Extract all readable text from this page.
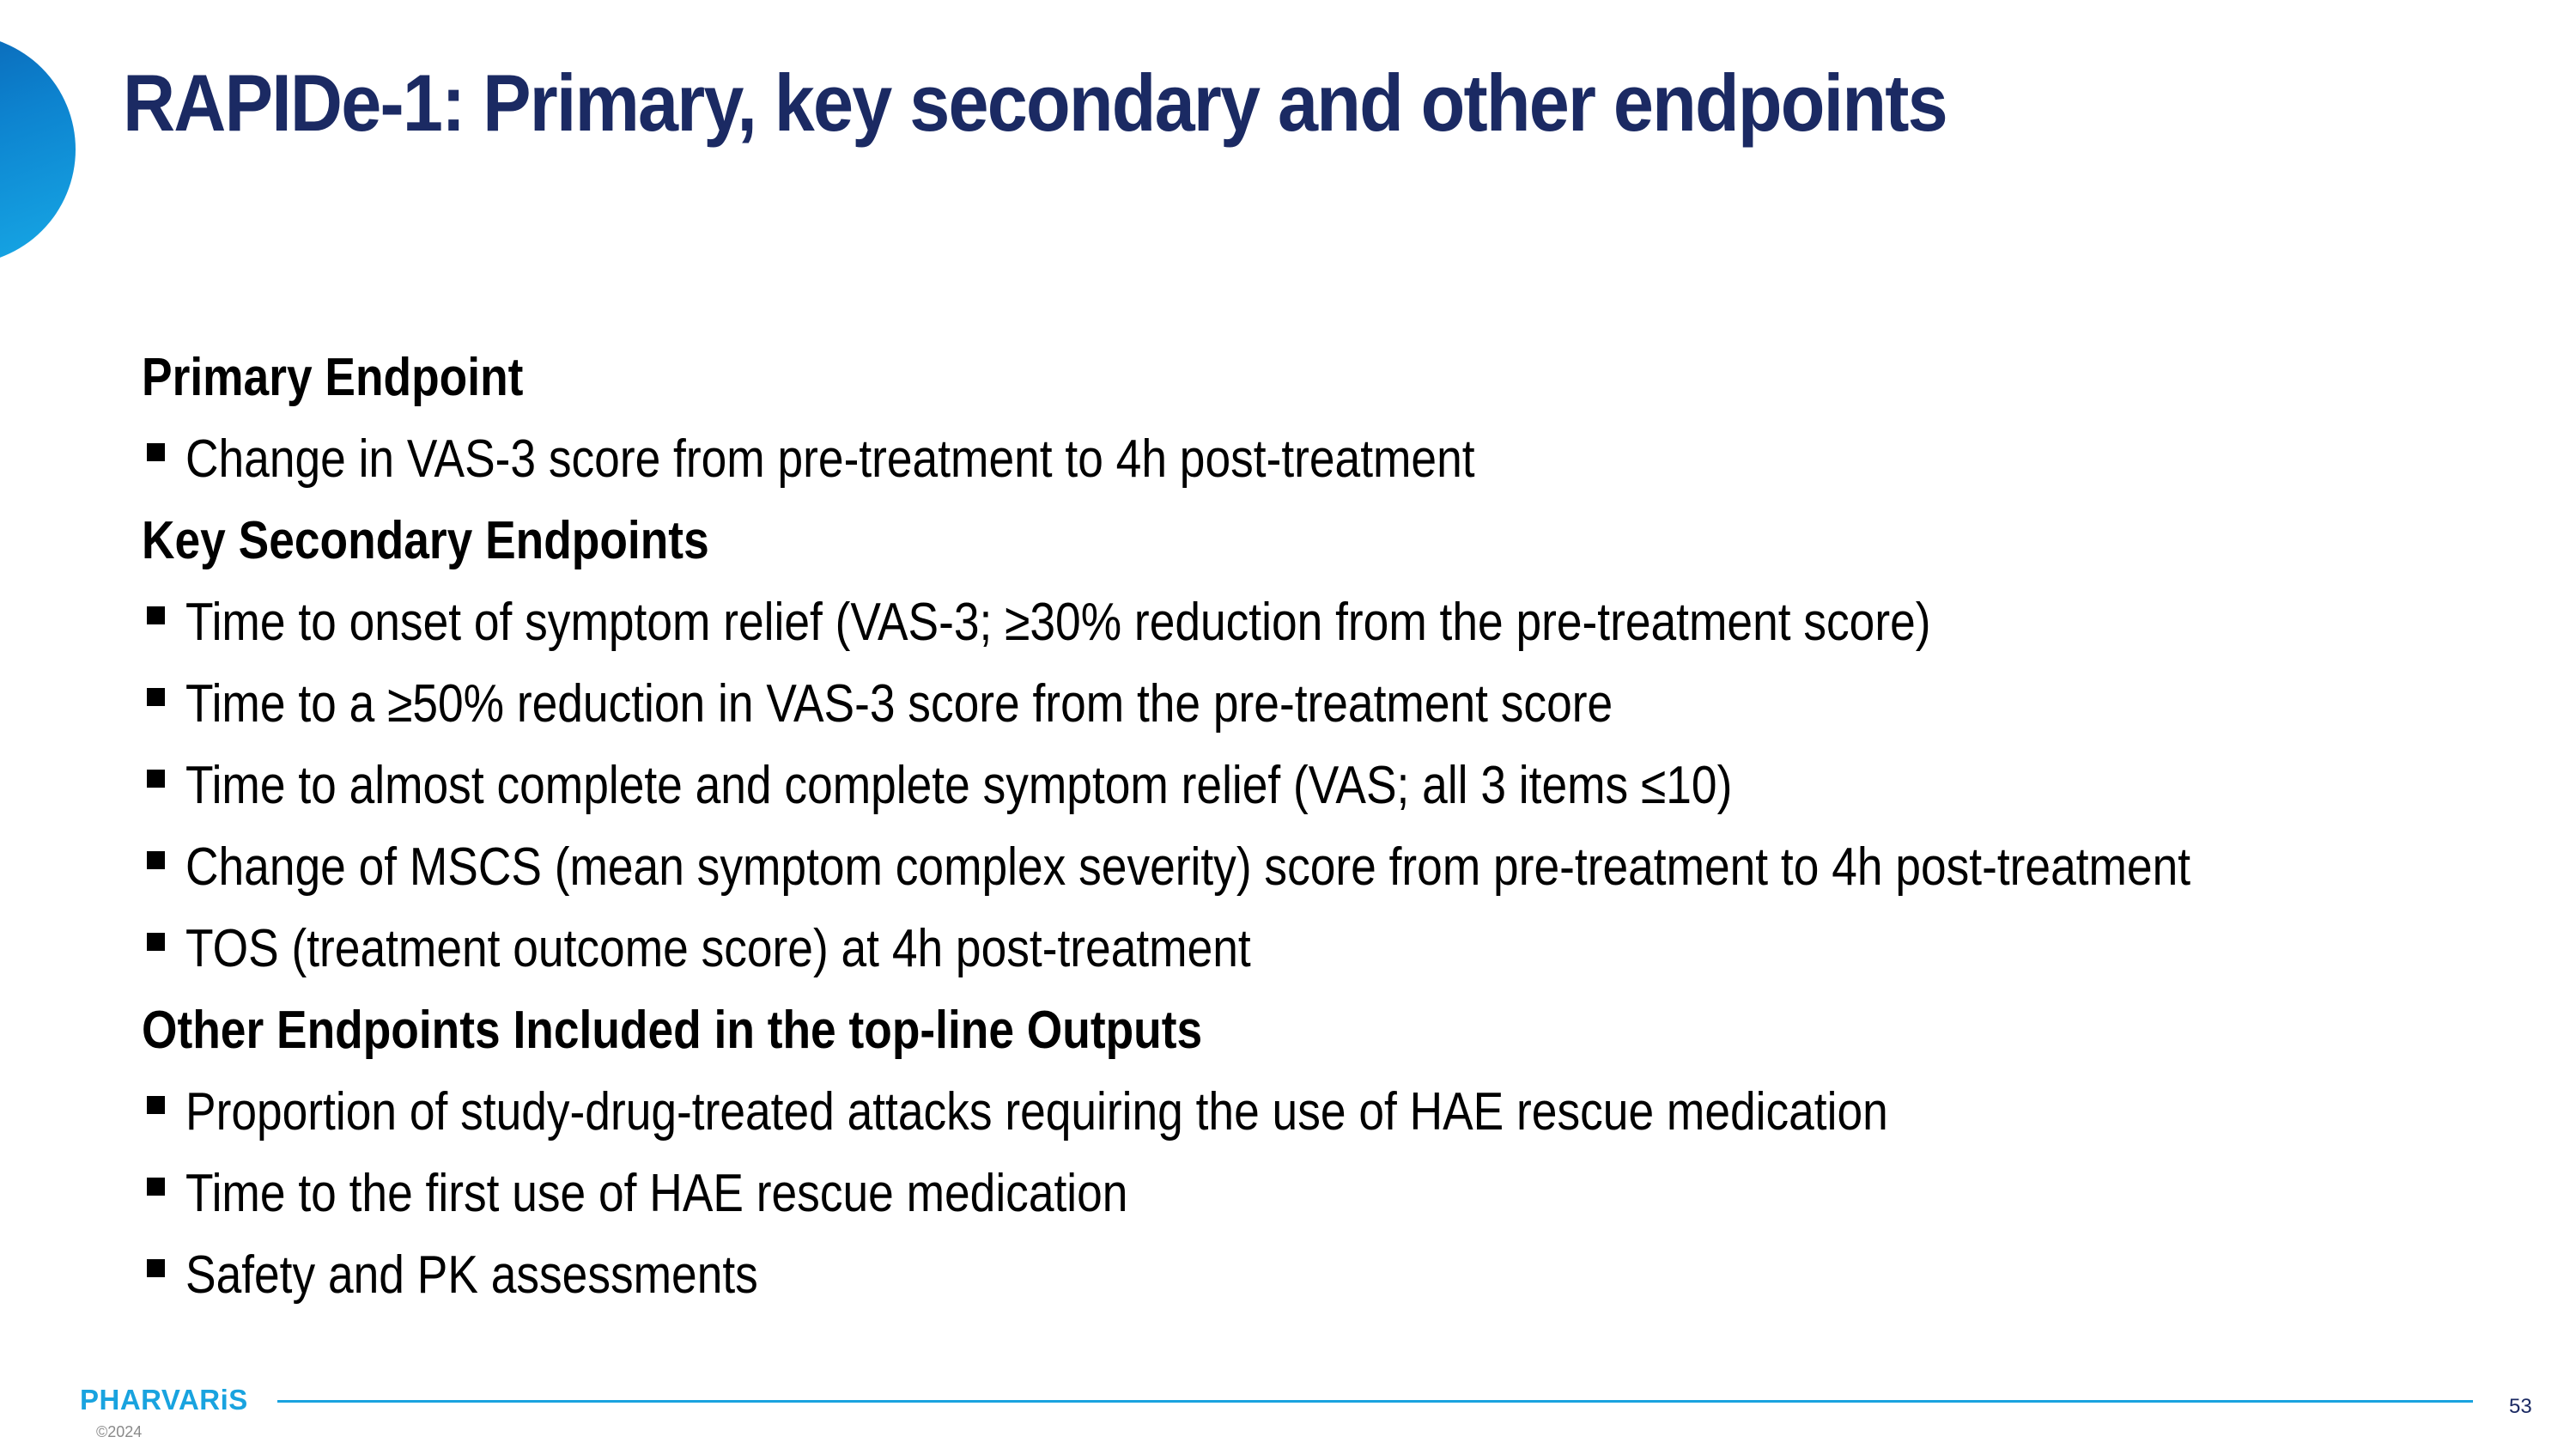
RAPIDe-1: Primary, key secondary and other endpoints
Primary Endpoint
Change in VAS-3 score from pre-treatment to 4h post-treatment
Key Secondary Endpoints
Time to onset of symptom relief (VAS-3; ≥30% reduction from the pre-treatment score)
Time to a ≥50% reduction in VAS-3 score from the pre-treatment score
Time to almost complete and complete symptom relief (VAS; all 3 items ≤10)
Change of MSCS (mean symptom complex severity) score from pre-treatment to 4h post-treatment
TOS (treatment outcome score) at 4h post-treatment
Other Endpoints Included in the top-line Outputs
Proportion of study-drug-treated attacks requiring the use of HAE rescue medication
Time to the first use of HAE rescue medication
Safety and PK assessments
PHARVARiS
©2024
53
